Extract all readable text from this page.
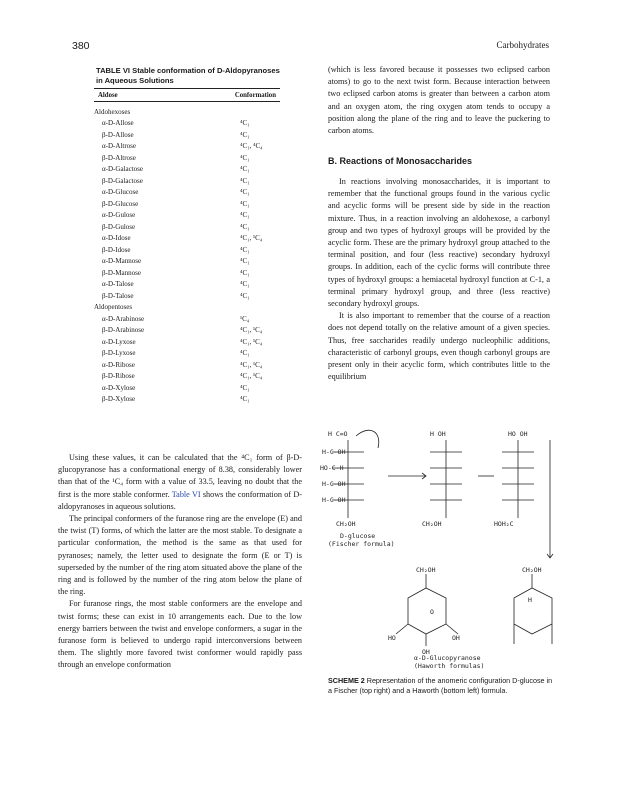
380	Carbohydrates
TABLE VI Stable conformation of D-Aldopyranoses in Aqueous Solutions
Aldose	Conformation
Aldohexoses
α-D-Allose	⁴C₁
β-D-Allose	⁴C₁
α-D-Altrose	⁴C₁, ⁴C₄
β-D-Altrose	⁴C₁
α-D-Galactose	⁴C₁
β-D-Galactose	⁴C₁
α-D-Glucose	⁴C₁
β-D-Glucose	⁴C₁
α-D-Gulose	⁴C₁
β-D-Gulose	⁴C₁
α-D-Idose	⁴C₁, ¹C₄
β-D-Idose	⁴C₁
α-D-Mannose	⁴C₁
β-D-Mannose	⁴C₁
α-D-Talose	⁴C₁
β-D-Talose	⁴C₁
Aldopentoses
α-D-Arabinose	¹C₄
β-D-Arabinose	⁴C₁, ¹C₄
α-D-Lyxose	⁴C₁, ¹C₄
β-D-Lyxose	⁴C₁
α-D-Ribose	⁴C₁, ¹C₄
β-D-Ribose	⁴C₁, ¹C₄
α-D-Xylose	⁴C₁
β-D-Xylose	⁴C₁

Using these values, it can be calculated that the ⁴C₁ form of β-D-glucopyranose has a conformational energy of 8.38, considerably lower than that of the ¹C₄ form with a value of 33.5, leaving no doubt that the first is the more stable conformer. Table VI shows the conformation of D-aldopyranoses in aqueous solutions.

The principal conformers of the furanose ring are the envelope (E) and the twist (T) forms, of which the latter are the most stable. To designate a particular conformation, the method is the same as that used for pyranoses; namely, the letter used to designate the form (E or T) is superseded by the number of the ring atom situated above the plane of the ring and is followed by the number of the ring atom below the plane of the ring.

For furanose rings, the most stable conformers are the envelope and twist forms; these can exist in 10 arrangements each. Due to the low energy barriers between the twist and envelope conformers, a sugar in the furanose form is believed to undergo rapid interconversions between them. The slightly more favored twist conformer would rapidly pass through an envelope conformation

(which is less favored because it possesses two eclipsed carbon atoms) to go to the next twist form. Because interaction between two eclipsed carbon atoms is greater than between a carbon atom and an oxygen atom, the ring oxygen atom tends to occupy a position along the plane of the ring and to leave the puckering to carbon atoms.

B. Reactions of Monosaccharides

In reactions involving monosaccharides, it is important to remember that the functional groups found in the various cyclic and acyclic forms will be present side by side in the reaction mixture. Thus, in a reaction involving an aldohexose, a carbonyl group and two types of hydroxyl groups will be provided by the acyclic form. These are the primary hydroxyl group attached to the terminal position, and four (less reactive) secondary hydroxyl groups. In addition, each of the cyclic forms will contribute three types of hydroxyl groups: a hemiacetal hydroxyl function at C-1, a terminal primary hydroxyl group, and three (less reactive) secondary hydroxyl groups.

It is also important to remember that the course of a reaction does not depend totally on the relative amount of a given species. Thus, free saccharides readily undergo nucleophilic additions, characteristic of carbonyl groups, even though carbonyl groups are present only in their acyclic form, which contributes little to the equilibrium

H C=O
H-C-OH
HO-C-H
H-C-OH
H-C-OH
CH₂OH
H OH
CH₂OH
HO OH
HOH₂C
CH₂OH
O
HO	OH
OH
CH₂OH
H
D-glucose
(Fischer formula)
α-D-Glucopyranose
(Haworth formulas)
SCHEME 2 Representation of the anomeric configuration D-glucose in a Fischer (top right) and a Haworth (bottom left) formula.
